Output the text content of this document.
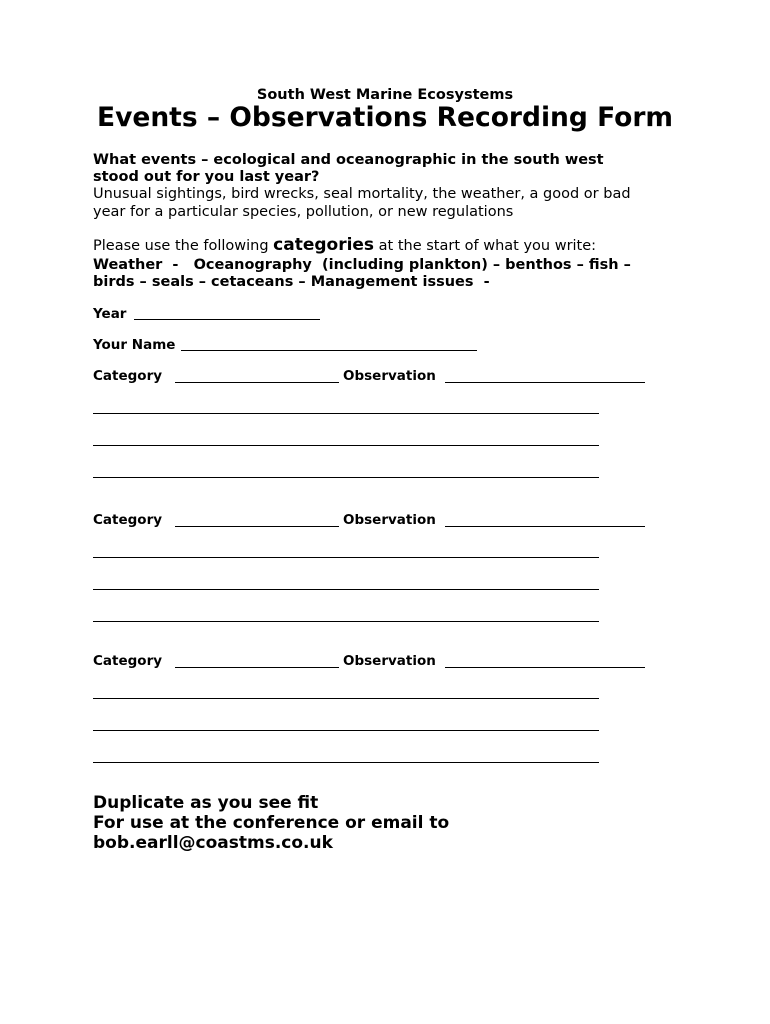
South West Marine Ecosystems
Events – Observations Recording Form
What events – ecological and oceanographic in the south west
stood out for you last year?
Unusual sightings, bird wrecks, seal mortality, the weather, a good or bad
year for a particular species, pollution, or new regulations
Please use the following categories at the start of what you write:
Weather  -   Oceanography  (including plankton) – benthos – fish –
birds – seals – cetaceans – Management issues  -
Year
Your Name
Category	Observation
Category	Observation
Category	Observation
Duplicate as you see fit
For use at the conference or email to
bob.earll@coastms.co.uk
